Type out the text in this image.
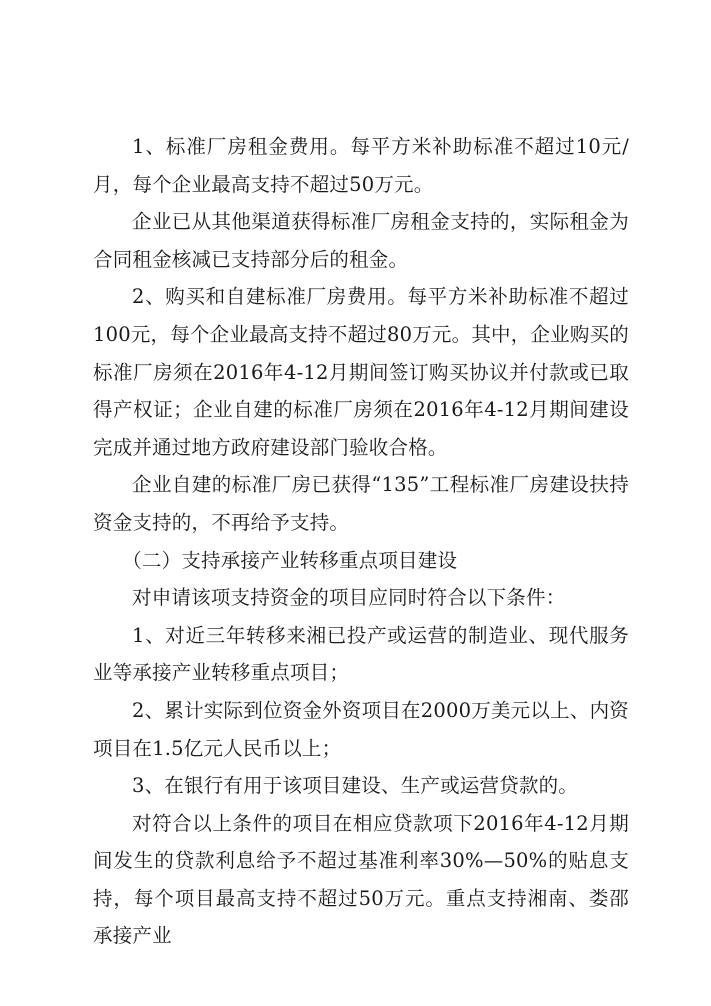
1、标准厂房租金费用。每平方米补助标准不超过10元/月，每个企业最高支持不超过50万元。

企业已从其他渠道获得标准厂房租金支持的，实际租金为合同租金核减已支持部分后的租金。

2、购买和自建标准厂房费用。每平方米补助标准不超过100元，每个企业最高支持不超过80万元。其中，企业购买的标准厂房须在2016年4-12月期间签订购买协议并付款或已取得产权证；企业自建的标准厂房须在2016年4-12月期间建设完成并通过地方政府建设部门验收合格。

企业自建的标准厂房已获得“135”工程标准厂房建设扶持资金支持的，不再给予支持。

（二）支持承接产业转移重点项目建设

对申请该项支持资金的项目应同时符合以下条件：

1、对近三年转移来湘已投产或运营的制造业、现代服务业等承接产业转移重点项目；

2、累计实际到位资金外资项目在2000万美元以上、内资项目在1.5亿元人民币以上；

3、在银行有用于该项目建设、生产或运营贷款的。

对符合以上条件的项目在相应贷款项下2016年4-12月期间发生的贷款利息给予不超过基准利率30%—50%的贴息支持，每个项目最高支持不超过50万元。重点支持湘南、娄邵承接产业
